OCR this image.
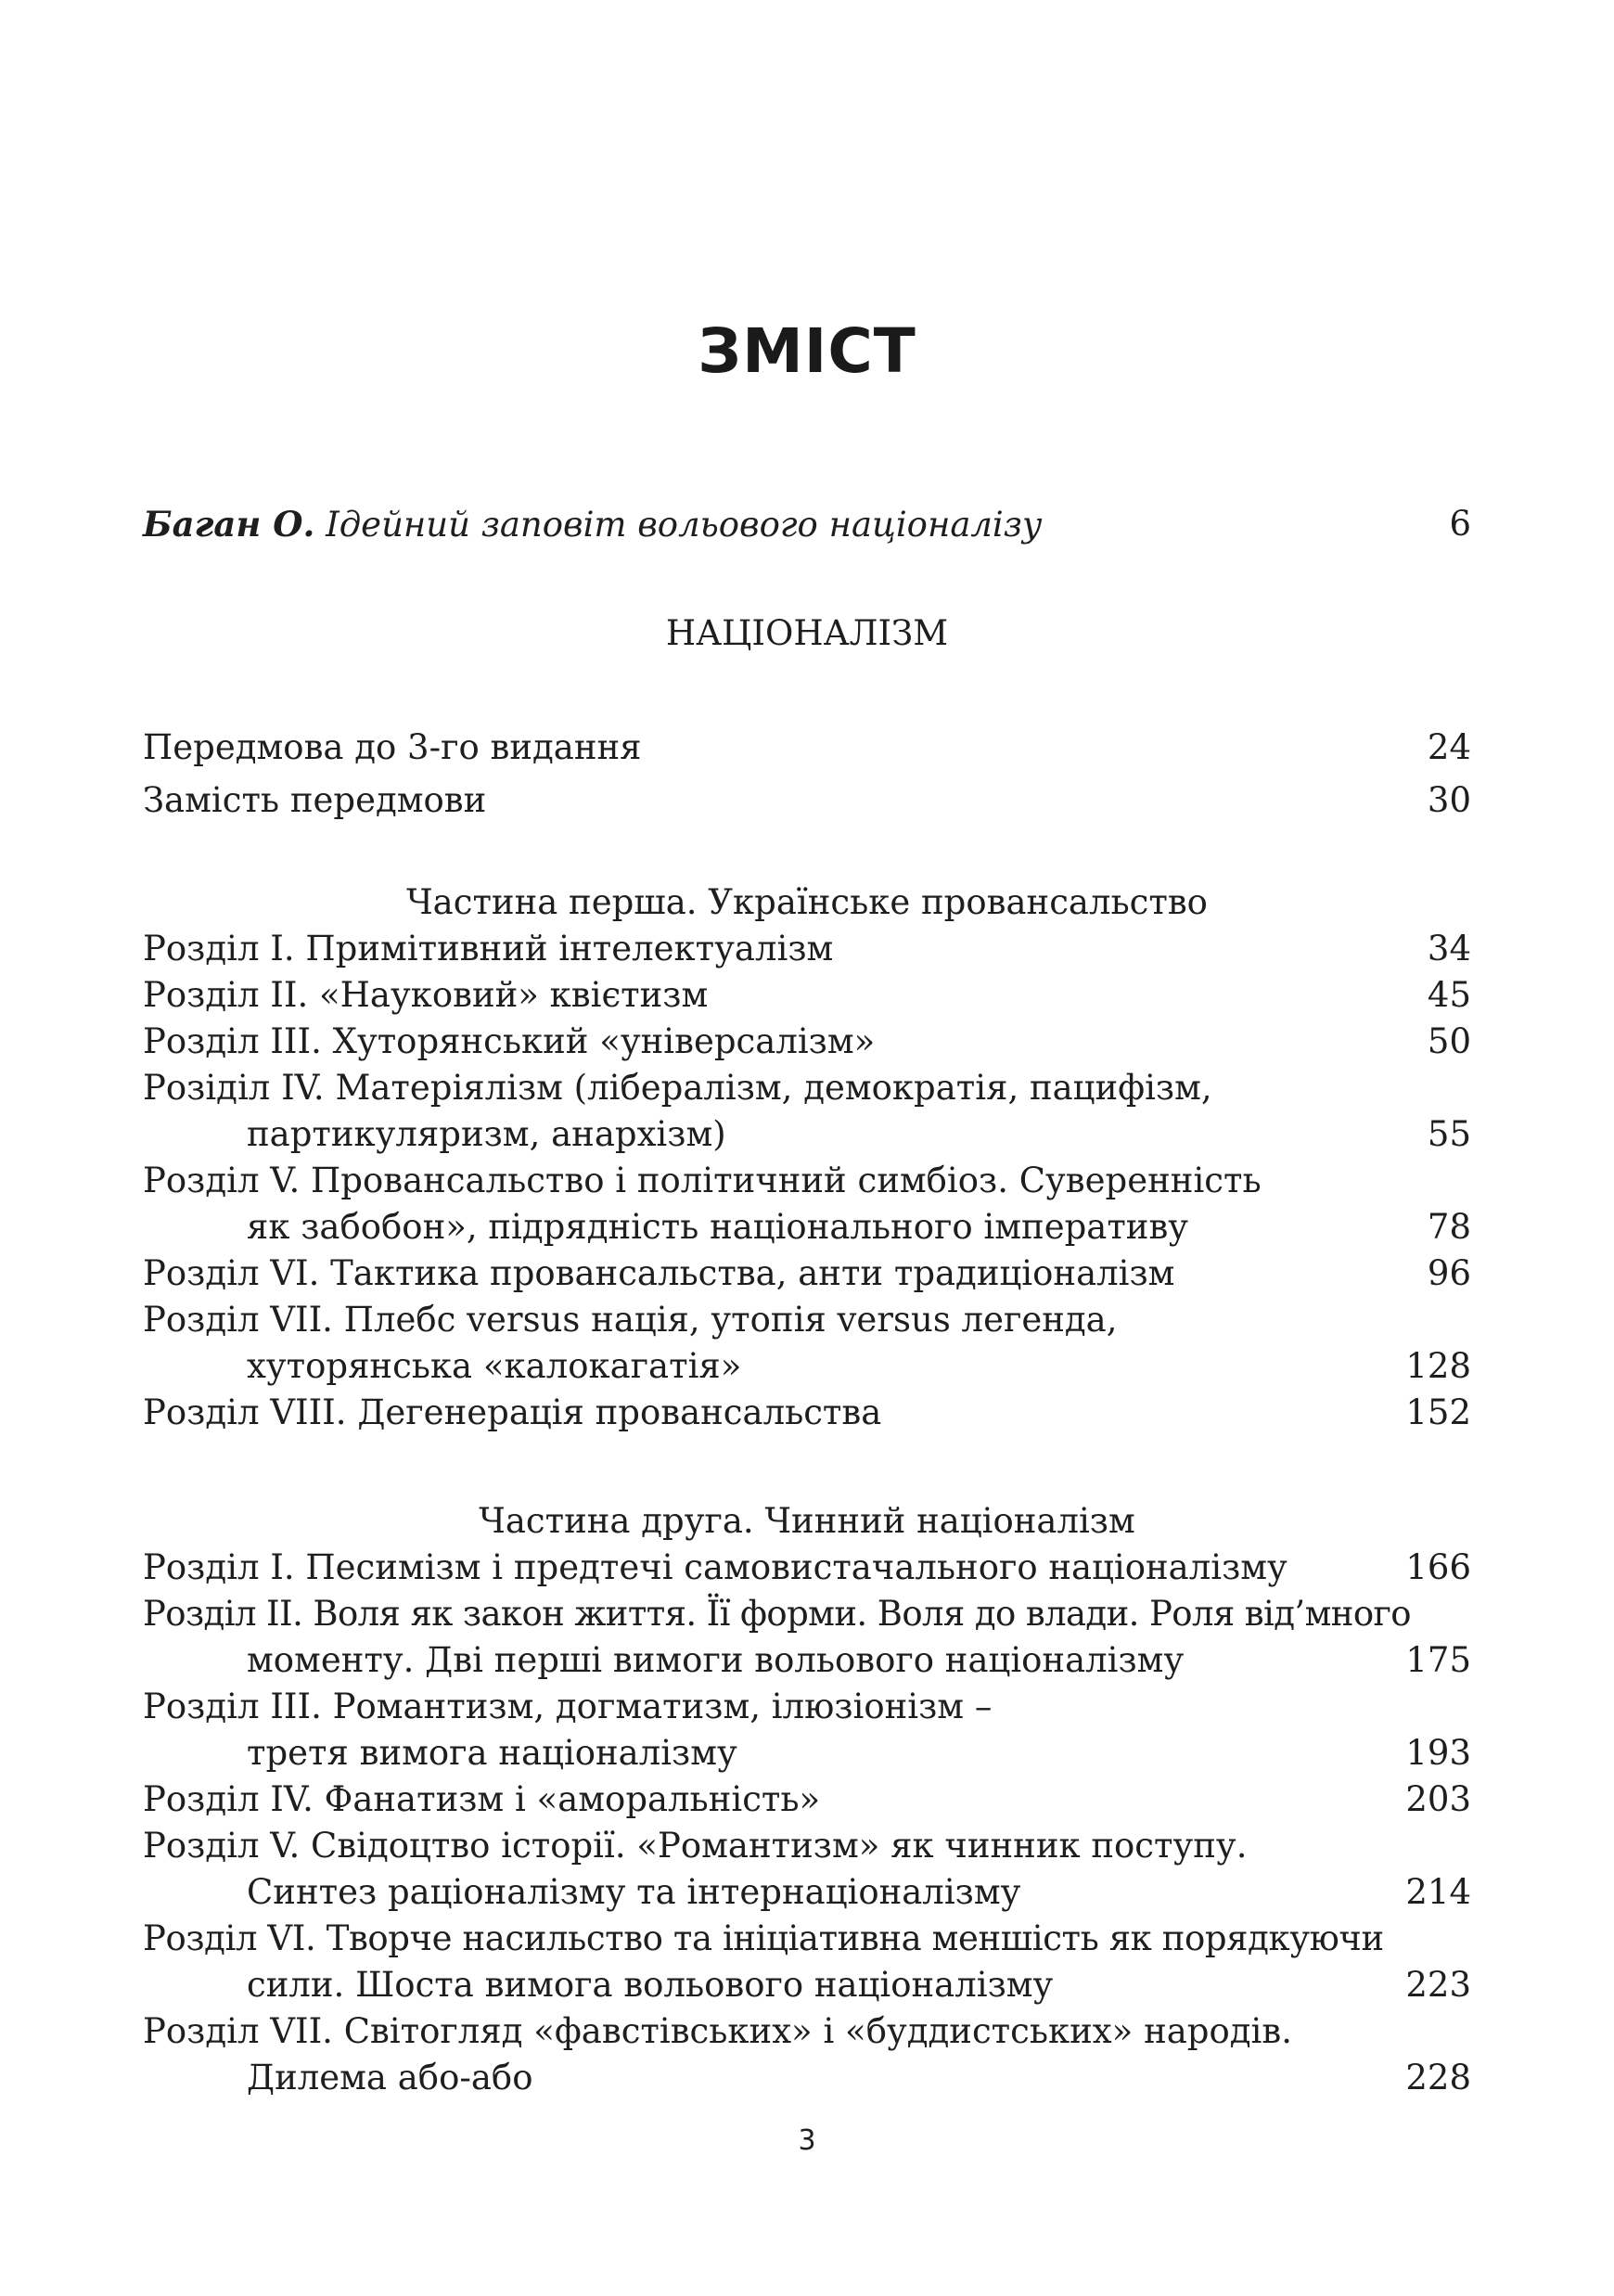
ЗМІСТ
Баган О. Ідейний заповіт вольового націоналізу	6
НАЦІОНАЛІЗМ
Передмова до 3-го видання	24
Замість передмови	30
Частина перша. Українське провансальство
Розділ І. Примітивний інтелектуалізм	34
Розділ ІІ. «Науковий» квієтизм	45
Розділ ІІІ. Хуторянський «універсалізм»	50
Розіділ IV. Матеріялізм (лібералізм, демократія, пацифізм,
партикуляризм, анархізм)	55
Розділ V. Провансальство і політичний симбіоз. Суверенність
як забобон», підрядність національного імперативу	78
Розділ VI. Тактика провансальства, анти традиціоналізм	96
Розділ VII. Плебс versus нація, утопія versus легенда,
хуторянська «калокагатія»	128
Розділ VIII. Дегенерація провансальства	152
Частина друга. Чинний націоналізм
Розділ І. Песимізм і предтечі самовистачального націоналізму	166
Розділ ІІ. Воля як закон життя. Її форми. Воля до влади. Роля від’много
моменту. Дві перші вимоги вольового націоналізму	175
Розділ ІІІ. Романтизм, догматизм, ілюзіонізм –
третя вимога націоналізму	193
Розділ IV. Фанатизм і «аморальність»	203
Розділ V. Свідоцтво історії. «Романтизм» як чинник поступу.
Синтез раціоналізму та інтернаціоналізму	214
Розділ VI. Творче насильство та ініціативна меншість як порядкуючи
сили. Шоста вимога вольового націоналізму	223
Розділ VII. Світогляд «фавстівських» і «буддистських» народів.
Дилема або-або	228
3
